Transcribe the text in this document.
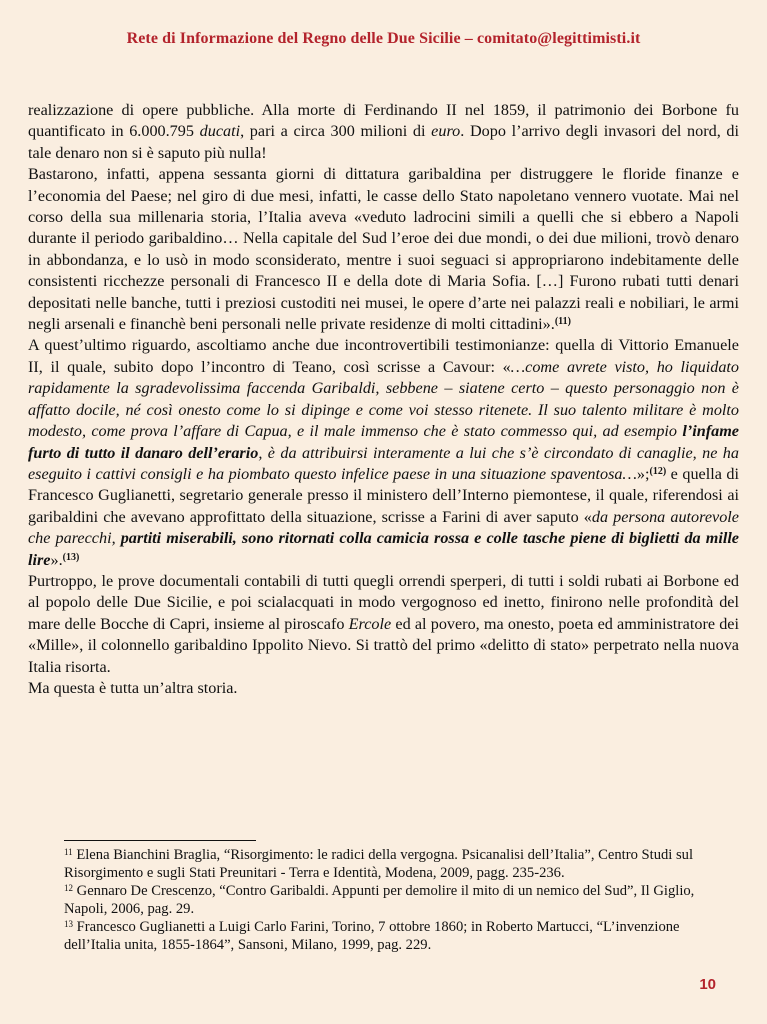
Rete di Informazione del Regno delle Due Sicilie – comitato@legittimisti.it

realizzazione di opere pubbliche. Alla morte di Ferdinando II nel 1859, il patrimonio dei Borbone fu quantificato in 6.000.795 ducati, pari a circa 300 milioni di euro. Dopo l’arrivo degli invasori del nord, di tale denaro non si è saputo più nulla!

Bastarono, infatti, appena sessanta giorni di dittatura garibaldina per distruggere le floride finanze e l’economia del Paese; nel giro di due mesi, infatti, le casse dello Stato napoletano vennero vuotate. Mai nel corso della sua millenaria storia, l’Italia aveva «veduto ladrocini simili a quelli che si ebbero a Napoli durante il periodo garibaldino… Nella capitale del Sud l’eroe dei due mondi, o dei due milioni, trovò denaro in abbondanza, e lo usò in modo sconsiderato, mentre i suoi seguaci si appropriarono indebitamente delle consistenti ricchezze personali di Francesco II e della dote di Maria Sofia. […] Furono rubati tutti denari depositati nelle banche, tutti i preziosi custoditi nei musei, le opere d’arte nei palazzi reali e nobiliari, le armi negli arsenali e financhè beni personali nelle private residenze di molti cittadini».$^{(11)}$

A quest’ultimo riguardo, ascoltiamo anche due incontrovertibili testimonianze: quella di Vittorio Emanuele II, il quale, subito dopo l’incontro di Teano, così scrisse a Cavour: «…come avrete visto, ho liquidato rapidamente la sgradevolissima faccenda Garibaldi, sebbene – siatene certo – questo personaggio non è affatto docile, né così onesto come lo si dipinge e come voi stesso ritenete. Il suo talento militare è molto modesto, come prova l’affare di Capua, e il male immenso che è stato commesso qui, ad esempio l’infame furto di tutto il danaro dell’erario, è da attribuirsi interamente a lui che s’è circondato di canaglie, ne ha eseguito i cattivi consigli e ha piombato questo infelice paese in una situazione spaventosa…»;$^{(12)}$ e quella di Francesco Guglianetti, segretario generale presso il ministero dell’Interno piemontese, il quale, riferendosi ai garibaldini che avevano approfittato della situazione, scrisse a Farini di aver saputo «da persona autorevole che parecchi, partiti miserabili, sono ritornati colla camicia rossa e colle tasche piene di biglietti da mille lire».$^{(13)}$

Purtroppo, le prove documentali contabili di tutti quegli orrendi sperperi, di tutti i soldi rubati ai Borbone ed al popolo delle Due Sicilie, e poi scialacquati in modo vergognoso ed inetto, finirono nelle profondità del mare delle Bocche di Capri, insieme al piroscafo Ercole ed al povero, ma onesto, poeta ed amministratore dei «Mille», il colonnello garibaldino Ippolito Nievo. Si trattò del primo «delitto di stato» perpetrato nella nuova Italia risorta.

Ma questa è tutta un’altra storia.

$^{11}$ Elena Bianchini Braglia, “Risorgimento: le radici della vergogna. Psicanalisi dell’Italia”, Centro Studi sul Risorgimento e sugli Stati Preunitari - Terra e Identità, Modena, 2009, pagg. 235-236.

$^{12}$ Gennaro De Crescenzo, “Contro Garibaldi. Appunti per demolire il mito di un nemico del Sud”, Il Giglio, Napoli, 2006, pag. 29.

$^{13}$ Francesco Guglianetti a Luigi Carlo Farini, Torino, 7 ottobre 1860; in Roberto Martucci, “L’invenzione dell’Italia unita, 1855-1864”, Sansoni, Milano, 1999, pag. 229.

10
